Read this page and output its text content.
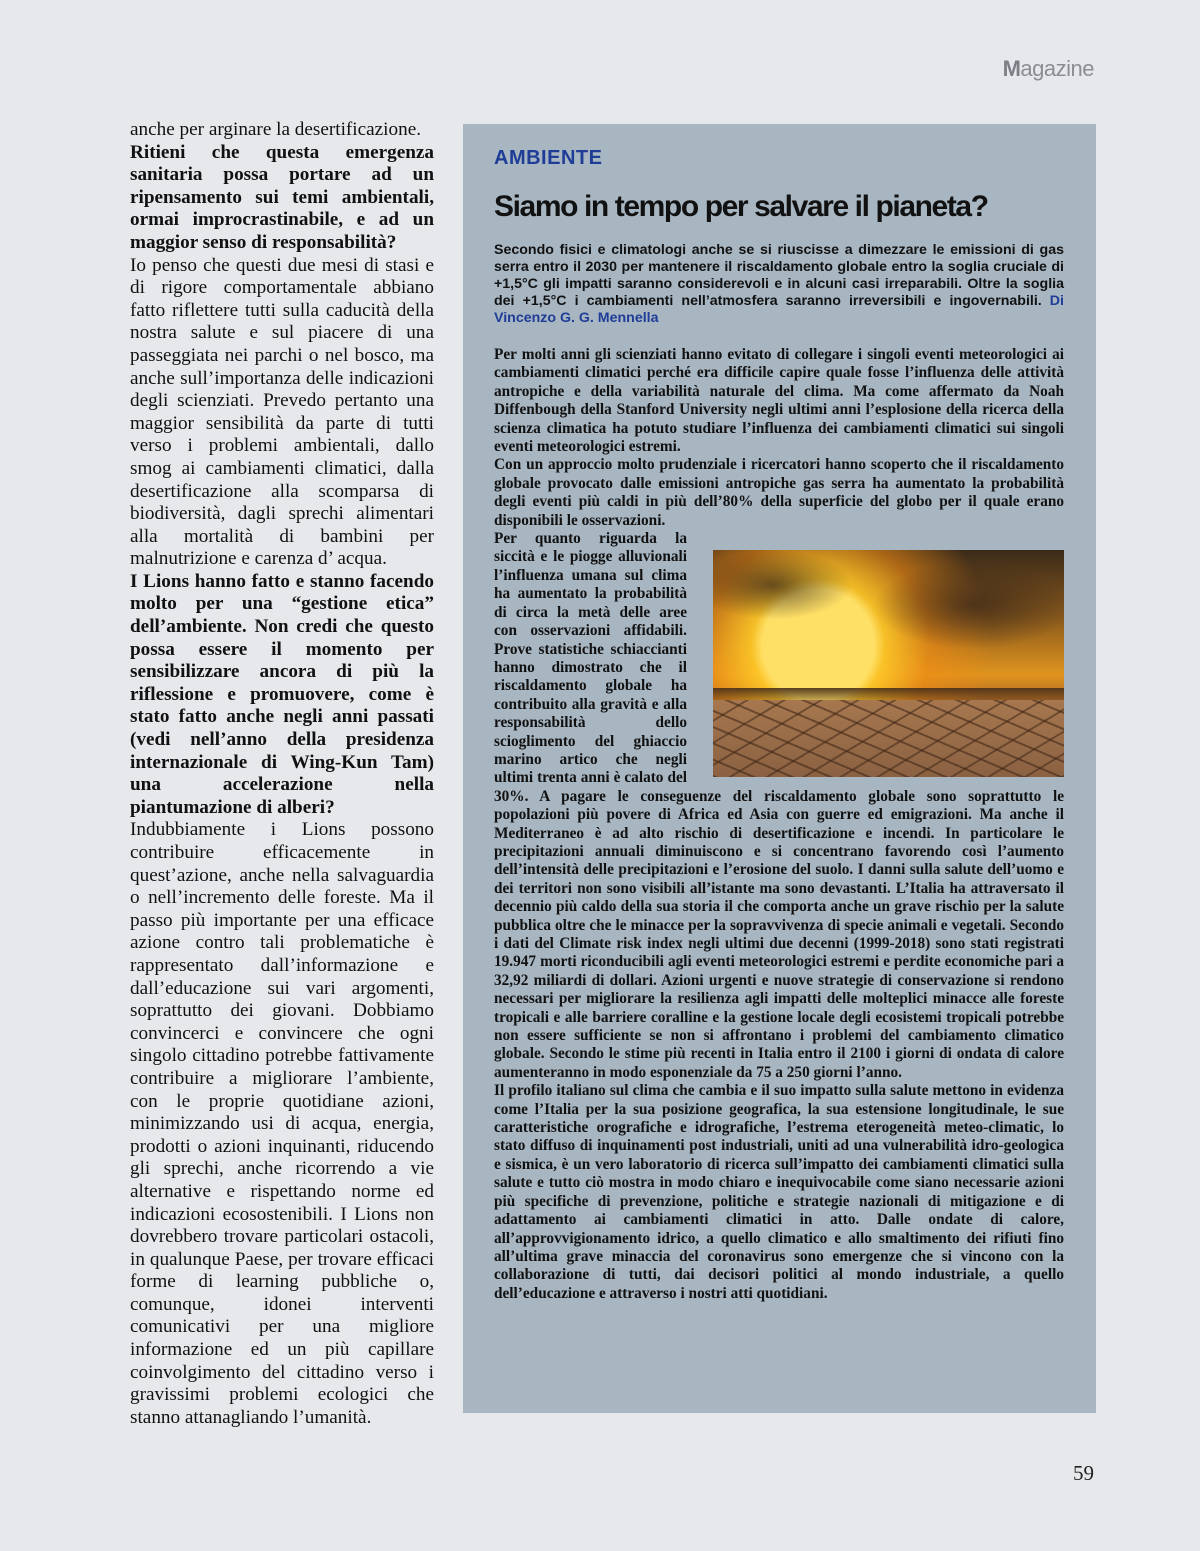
Magazine

anche per arginare la desertificazione.

Ritieni che questa emergenza sanitaria possa portare ad un ripensamento sui temi ambientali, ormai improcrastinabile, e ad un maggior senso di responsabilità?

Io penso che questi due mesi di stasi e di rigore comportamentale abbiano fatto riflettere tutti sulla caducità della nostra salute e sul piacere di una passeggiata nei parchi o nel bosco, ma anche sull’importanza delle indicazioni degli scienziati. Prevedo pertanto una maggior sensibilità da parte di tutti verso i problemi ambientali, dallo smog ai cambiamenti climatici, dalla desertificazione alla scomparsa di biodiversità, dagli sprechi alimentari alla mortalità di bambini per malnutrizione e carenza d’ acqua.

I Lions hanno fatto e stanno facendo molto per una “gestione etica” dell’ambiente. Non credi che questo possa essere il momento per sensibilizzare ancora di più la riflessione e promuovere, come è stato fatto anche negli anni passati (vedi nell’anno della presidenza internazionale di Wing-Kun Tam) una accelerazione nella piantumazione di alberi?

Indubbiamente i Lions possono contribuire efficacemente in quest’azione, anche nella salvaguardia o nell’incremento delle foreste. Ma il passo più importante per una efficace azione contro tali problematiche è rappresentato dall’informazione e dall’educazione sui vari argomenti, soprattutto dei giovani. Dobbiamo convincerci e convincere che ogni singolo cittadino potrebbe fattivamente contribuire a migliorare l’ambiente, con le proprie quotidiane azioni, minimizzando usi di acqua, energia, prodotti o azioni inquinanti, riducendo gli sprechi, anche ricorrendo a vie alternative e rispettando norme ed indicazioni ecosostenibili. I Lions non dovrebbero trovare particolari ostacoli, in qualunque Paese, per trovare efficaci forme di learning pubbliche o, comunque, idonei interventi comunicativi per una migliore informazione ed un più capillare coinvolgimento del cittadino verso i gravissimi problemi ecologici che stanno attanagliando l’umanità.

AMBIENTE
Siamo in tempo per salvare il pianeta?
Secondo fisici e climatologi anche se si riuscisse a dimezzare le emissioni di gas serra entro il 2030 per mantenere il riscaldamento globale entro la soglia cruciale di +1,5°C gli impatti saranno considerevoli e in alcuni casi irreparabili. Oltre la soglia dei +1,5°C i cambiamenti nell’atmosfera saranno irreversibili e ingovernabili. Di Vincenzo G. G. Mennella

Per molti anni gli scienziati hanno evitato di collegare i singoli eventi meteorologici ai cambiamenti climatici perché era difficile capire quale fosse l’influenza delle attività antropiche e della variabilità naturale del clima. Ma come affermato da Noah Diffenbough della Stanford University negli ultimi anni l’esplosione della ricerca della scienza climatica ha potuto studiare l’influenza dei cambiamenti climatici sui singoli eventi meteorologici estremi.

Con un approccio molto prudenziale i ricercatori hanno scoperto che il riscaldamento globale provocato dalle emissioni antropiche gas serra ha aumentato la probabilità degli eventi più caldi in più dell’80% della superficie del globo per il quale erano disponibili le osservazioni.

Per quanto riguarda la siccità e le piogge alluvionali l’influenza umana sul clima ha aumentato la probabilità di circa la metà delle aree con osservazioni affidabili. Prove statistiche schiaccianti hanno dimostrato che il riscaldamento globale ha contribuito alla gravità e alla responsabilità dello scioglimento del ghiaccio marino artico che negli ultimi trenta anni è calato del 30%. A pagare le conseguenze del riscaldamento globale sono soprattutto le popolazioni più povere di Africa ed Asia con guerre ed emigrazioni. Ma anche il Mediterraneo è ad alto rischio di desertificazione e incendi. In particolare le precipitazioni annuali diminuiscono e si concentrano favorendo così l’aumento dell’intensità delle precipitazioni e l’erosione del suolo. I danni sulla salute dell’uomo e dei territori non sono visibili all’istante ma sono devastanti. L’Italia ha attraversato il decennio più caldo della sua storia il che comporta anche un grave rischio per la salute pubblica oltre che le minacce per la sopravvivenza di specie animali e vegetali. Secondo i dati del Climate risk index negli ultimi due decenni (1999-2018) sono stati registrati 19.947 morti riconducibili agli eventi meteorologici estremi e perdite economiche pari a 32,92 miliardi di dollari. Azioni urgenti e nuove strategie di conservazione si rendono necessari per migliorare la resilienza agli impatti delle molteplici minacce alle foreste tropicali e alle barriere coralline e la gestione locale degli ecosistemi tropicali potrebbe non essere sufficiente se non si affrontano i problemi del cambiamento climatico globale. Secondo le stime più recenti in Italia entro il 2100 i giorni di ondata di calore aumenteranno in modo esponenziale da 75 a 250 giorni l’anno.

Il profilo italiano sul clima che cambia e il suo impatto sulla salute mettono in evidenza come l’Italia per la sua posizione geografica, la sua estensione longitudinale, le sue caratteristiche orografiche e idrografiche, l’estrema eterogeneità meteo-climatic, lo stato diffuso di inquinamenti post industriali, uniti ad una vulnerabilità idro-geologica e sismica, è un vero laboratorio di ricerca sull’impatto dei cambiamenti climatici sulla salute e tutto ciò mostra in modo chiaro e inequivocabile come siano necessarie azioni più specifiche di prevenzione, politiche e strategie nazionali di mitigazione e di adattamento ai cambiamenti climatici in atto. Dalle ondate di calore, all’approvvigionamento idrico, a quello climatico e allo smaltimento dei rifiuti fino all’ultima grave minaccia del coronavirus sono emergenze che si vincono con la collaborazione di tutti, dai decisori politici al mondo industriale, a quello dell’educazione e attraverso i nostri atti quotidiani.

59
